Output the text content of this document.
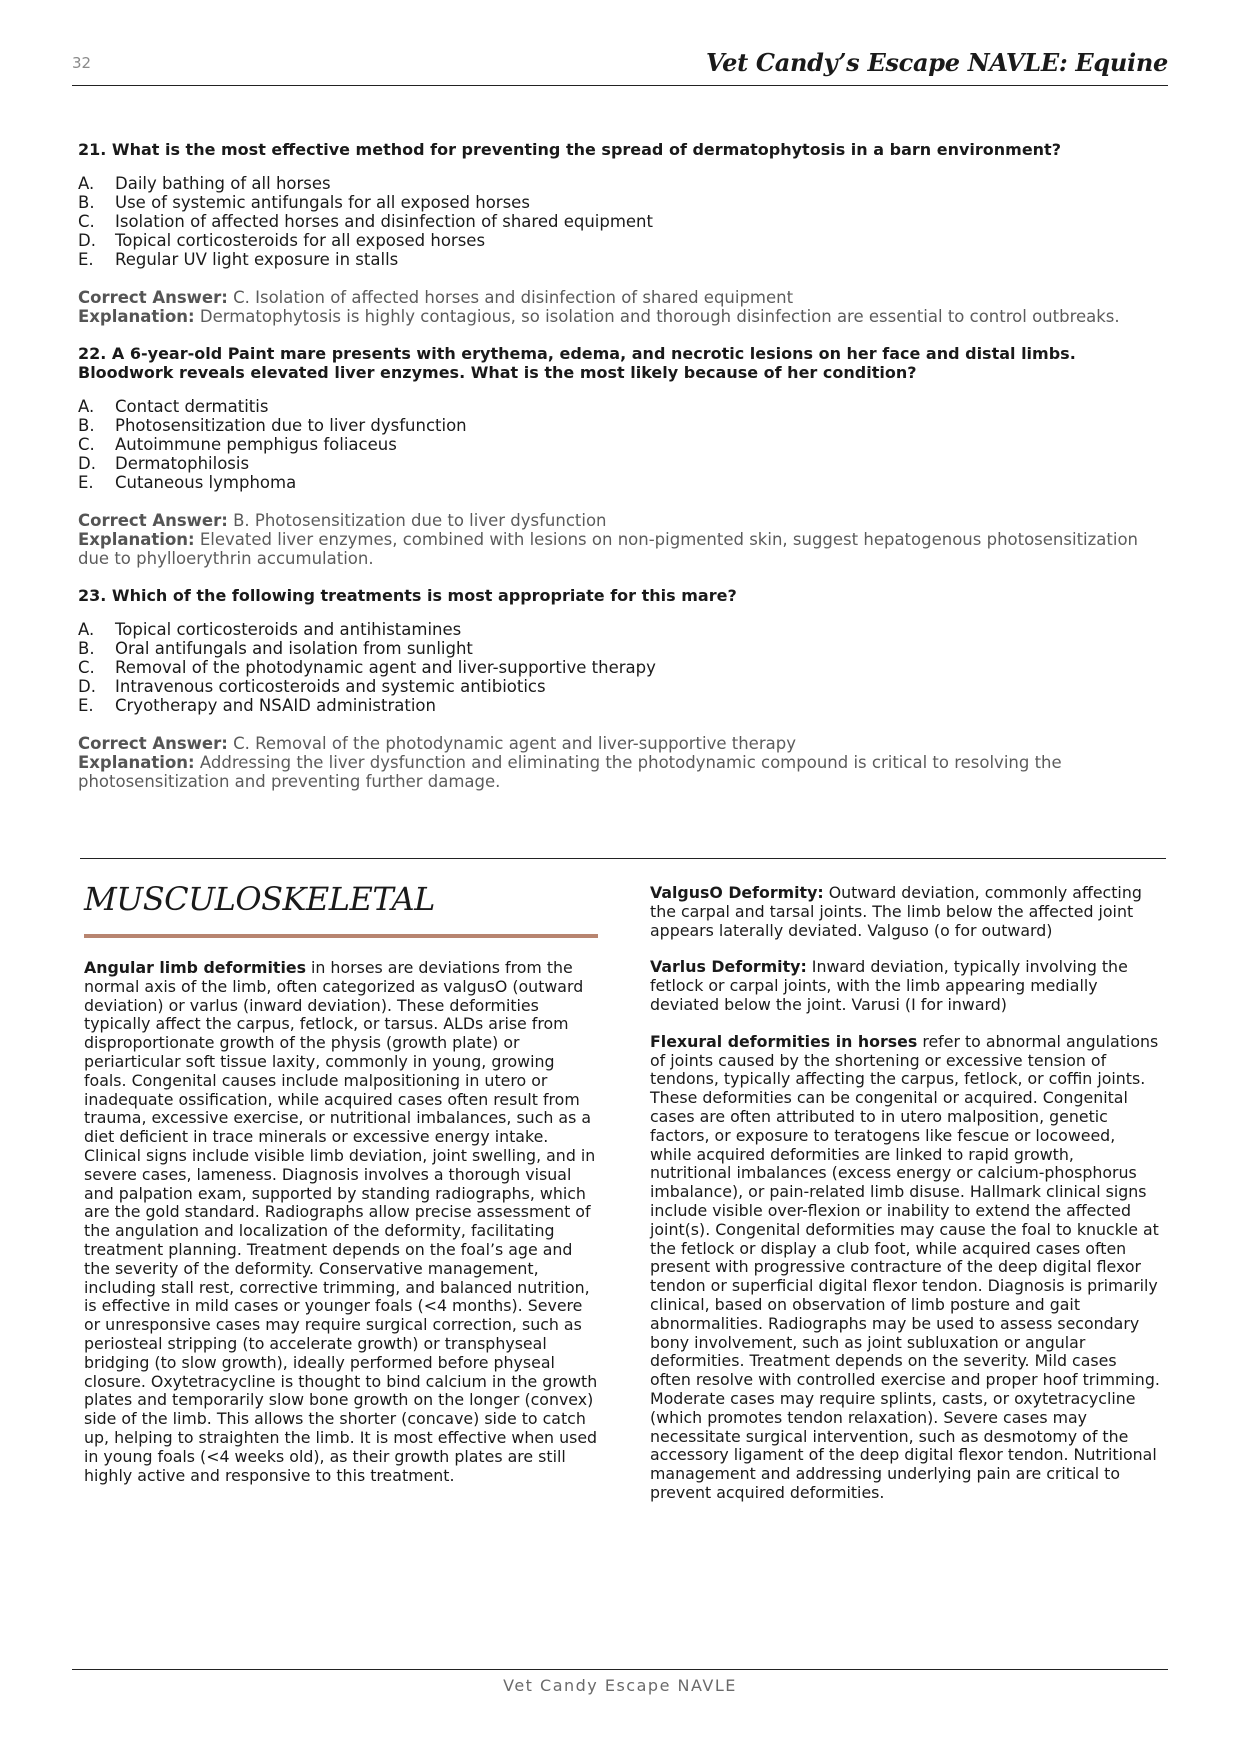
32	Vet Candy’s Escape NAVLE: Equine

21. What is the most effective method for preventing the spread of dermatophytosis in a barn environment?

A.	Daily bathing of all horses
B.	Use of systemic antifungals for all exposed horses
C.	Isolation of affected horses and disinfection of shared equipment
D.	Topical corticosteroids for all exposed horses
E.	Regular UV light exposure in stalls
Correct Answer: C. Isolation of affected horses and disinfection of shared equipment
Explanation: Dermatophytosis is highly contagious, so isolation and thorough disinfection are essential to control outbreaks.

22. A 6-year-old Paint mare presents with erythema, edema, and necrotic lesions on her face and distal limbs. Bloodwork reveals elevated liver enzymes. What is the most likely because of her condition?

A.	Contact dermatitis
B.	Photosensitization due to liver dysfunction
C.	Autoimmune pemphigus foliaceus
D.	Dermatophilosis
E.	Cutaneous lymphoma
Correct Answer: B. Photosensitization due to liver dysfunction
Explanation: Elevated liver enzymes, combined with lesions on non-pigmented skin, suggest hepatogenous photosensitization due to phylloerythrin accumulation.

23. Which of the following treatments is most appropriate for this mare?

A.	Topical corticosteroids and antihistamines
B.	Oral antifungals and isolation from sunlight
C.	Removal of the photodynamic agent and liver-supportive therapy
D.	Intravenous corticosteroids and systemic antibiotics
E.	Cryotherapy and NSAID administration
Correct Answer: C. Removal of the photodynamic agent and liver-supportive therapy
Explanation: Addressing the liver dysfunction and eliminating the photodynamic compound is critical to resolving the photosensitization and preventing further damage.
MUSCULOSKELETAL

Angular limb deformities in horses are deviations from the normal axis of the limb, often categorized as valgusO (outward deviation) or varlus (inward deviation). These deformities typically affect the carpus, fetlock, or tarsus. ALDs arise from disproportionate growth of the physis (growth plate) or periarticular soft tissue laxity, commonly in young, growing foals. Congenital causes include malpositioning in utero or inadequate ossification, while acquired cases often result from trauma, excessive exercise, or nutritional imbalances, such as a diet deficient in trace minerals or excessive energy intake. Clinical signs include visible limb deviation, joint swelling, and in severe cases, lameness. Diagnosis involves a thorough visual and palpation exam, supported by standing radiographs, which are the gold standard. Radiographs allow precise assessment of the angulation and localization of the deformity, facilitating treatment planning. Treatment depends on the foal’s age and the severity of the deformity. Conservative management, including stall rest, corrective trimming, and balanced nutrition, is effective in mild cases or younger foals (<4 months). Severe or unresponsive cases may require surgical correction, such as periosteal stripping (to accelerate growth) or transphyseal bridging (to slow growth), ideally performed before physeal closure. Oxytetracycline is thought to bind calcium in the growth plates and temporarily slow bone growth on the longer (convex) side of the limb. This allows the shorter (concave) side to catch up, helping to straighten the limb. It is most effective when used in young foals (<4 weeks old), as their growth plates are still highly active and responsive to this treatment.

ValgusO Deformity: Outward deviation, commonly affecting the carpal and tarsal joints. The limb below the affected joint appears laterally deviated. Valguso (o for outward)

Varlus Deformity: Inward deviation, typically involving the fetlock or carpal joints, with the limb appearing medially deviated below the joint. Varusi (I for inward)

Flexural deformities in horses refer to abnormal angulations of joints caused by the shortening or excessive tension of tendons, typically affecting the carpus, fetlock, or coffin joints. These deformities can be congenital or acquired. Congenital cases are often attributed to in utero malposition, genetic factors, or exposure to teratogens like fescue or locoweed, while acquired deformities are linked to rapid growth, nutritional imbalances (excess energy or calcium-phosphorus imbalance), or pain-related limb disuse. Hallmark clinical signs include visible over-flexion or inability to extend the affected joint(s). Congenital deformities may cause the foal to knuckle at the fetlock or display a club foot, while acquired cases often present with progressive contracture of the deep digital flexor tendon or superficial digital flexor tendon. Diagnosis is primarily clinical, based on observation of limb posture and gait abnormalities. Radiographs may be used to assess secondary bony involvement, such as joint subluxation or angular deformities. Treatment depends on the severity. Mild cases often resolve with controlled exercise and proper hoof trimming. Moderate cases may require splints, casts, or oxytetracycline (which promotes tendon relaxation). Severe cases may necessitate surgical intervention, such as desmotomy of the accessory ligament of the deep digital flexor tendon. Nutritional management and addressing underlying pain are critical to prevent acquired deformities.

Vet Candy Escape NAVLE
